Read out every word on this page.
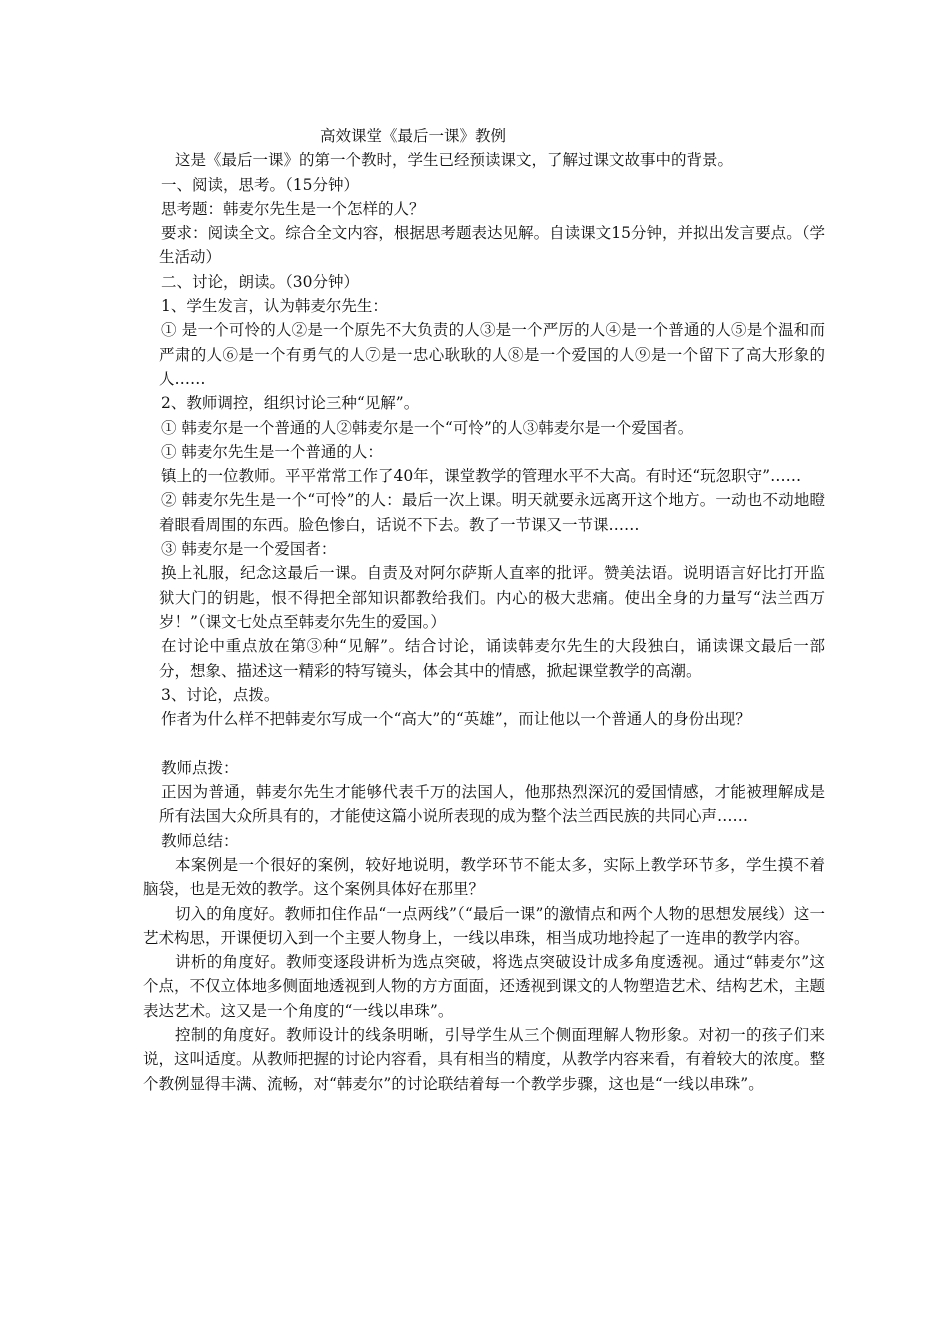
高效课堂《最后一课》教例

这是《最后一课》的第一个教时，学生已经预读课文，了解过课文故事中的背景。

一、阅读，思考。（15分钟）

思考题：韩麦尔先生是一个怎样的人？

要求：阅读全文。综合全文内容，根据思考题表达见解。自读课文15分钟，并拟出发言要点。（学生活动）

二、讨论，朗读。（30分钟）

1、学生发言，认为韩麦尔先生：

① 是一个可怜的人②是一个原先不大负责的人③是一个严厉的人④是一个普通的人⑤是个温和而严肃的人⑥是一个有勇气的人⑦是一忠心耿耿的人⑧是一个爱国的人⑨是一个留下了高大形象的人……

2、教师调控，组织讨论三种“见解”。

① 韩麦尔是一个普通的人②韩麦尔是一个“可怜”的人③韩麦尔是一个爱国者。

① 韩麦尔先生是一个普通的人：

镇上的一位教师。平平常常工作了40年，课堂教学的管理水平不大高。有时还“玩忽职守”……

② 韩麦尔先生是一个“可怜”的人：最后一次上课。明天就要永远离开这个地方。一动也不动地瞪着眼看周围的东西。脸色惨白，话说不下去。教了一节课又一节课……

③ 韩麦尔是一个爱国者：

换上礼服，纪念这最后一课。自责及对阿尔萨斯人直率的批评。赞美法语。说明语言好比打开监狱大门的钥匙，恨不得把全部知识都教给我们。内心的极大悲痛。使出全身的力量写“法兰西万岁！”（课文七处点至韩麦尔先生的爱国。）

在讨论中重点放在第③种“见解”。结合讨论，诵读韩麦尔先生的大段独白，诵读课文最后一部分，想象、描述这一精彩的特写镜头，体会其中的情感，掀起课堂教学的高潮。

3、讨论，点拨。

作者为什么样不把韩麦尔写成一个“高大”的“英雄”，而让他以一个普通人的身份出现？

教师点拨：

正因为普通，韩麦尔先生才能够代表千万的法国人，他那热烈深沉的爱国情感，才能被理解成是所有法国大众所具有的，才能使这篇小说所表现的成为整个法兰西民族的共同心声……

教师总结：

本案例是一个很好的案例，较好地说明，教学环节不能太多，实际上教学环节多，学生摸不着脑袋，也是无效的教学。这个案例具体好在那里？

切入的角度好。教师扣住作品“一点两线”（“最后一课”的激情点和两个人物的思想发展线）这一艺术构思，开课便切入到一个主要人物身上，一线以串珠，相当成功地拎起了一连串的教学内容。

讲析的角度好。教师变逐段讲析为选点突破，将选点突破设计成多角度透视。通过“韩麦尔”这个点，不仅立体地多侧面地透视到人物的方方面面，还透视到课文的人物塑造艺术、结构艺术，主题表达艺术。这又是一个角度的“一线以串珠”。

控制的角度好。教师设计的线条明晰，引导学生从三个侧面理解人物形象。对初一的孩子们来说，这叫适度。从教师把握的讨论内容看，具有相当的精度，从教学内容来看，有着较大的浓度。整个教例显得丰满、流畅，对“韩麦尔”的讨论联结着每一个教学步骤，这也是“一线以串珠”。
